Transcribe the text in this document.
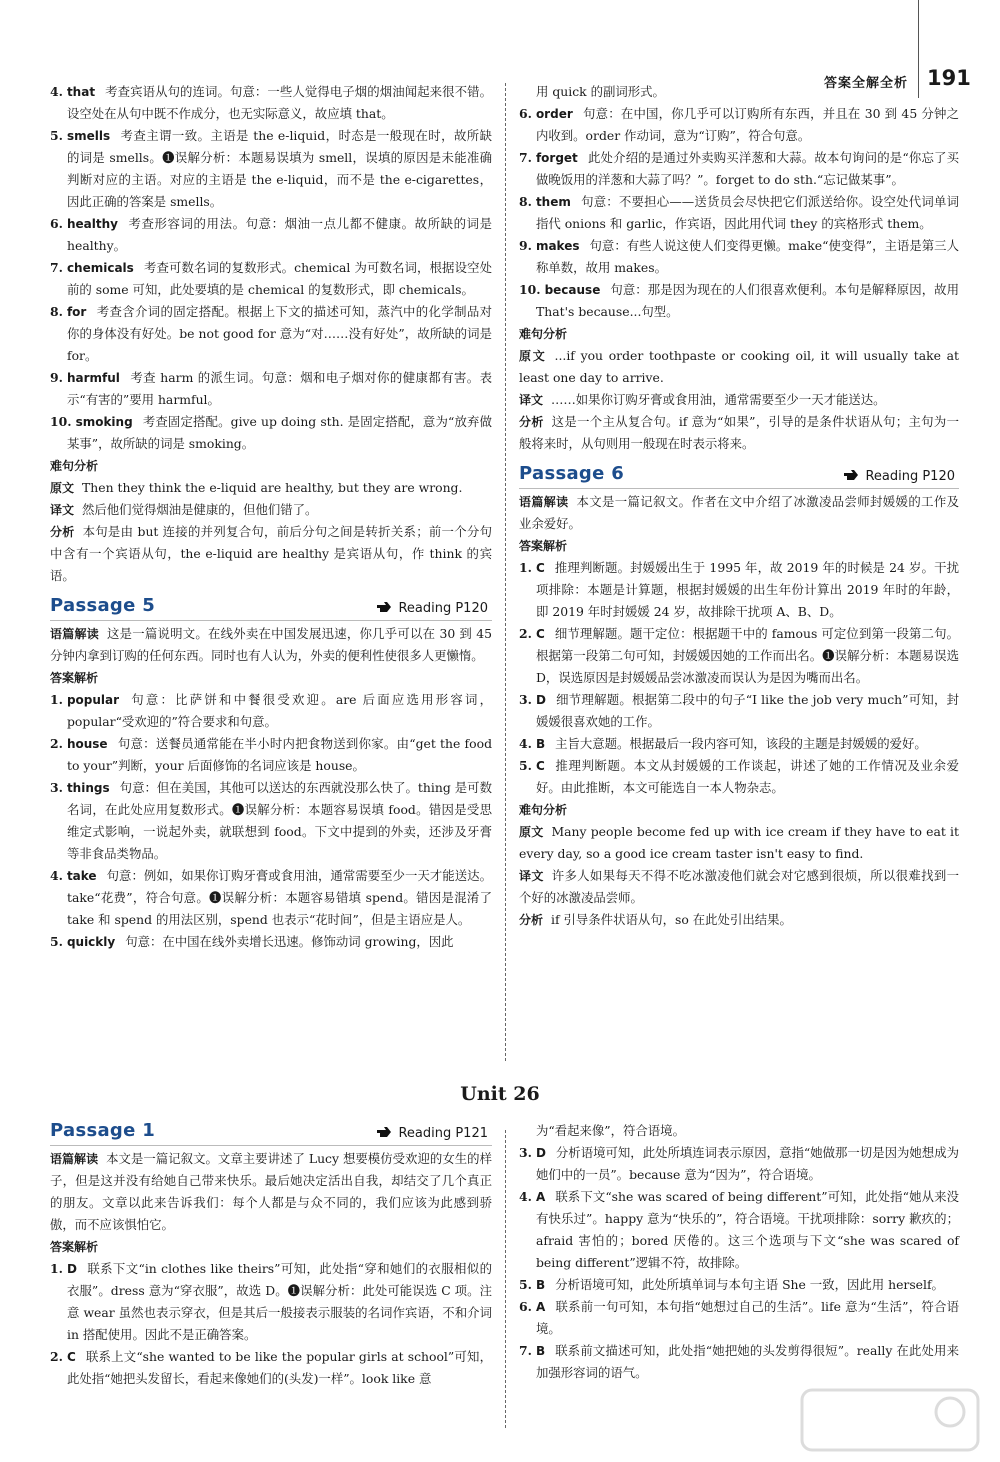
答案全解全析 191
4. that 考查宾语从句的连词。句意：一些人觉得电子烟的烟油闻起来很不错。设空处在从句中既不作成分，也无实际意义，故应填 that。
5. smells 考查主谓一致。主语是 the e-liquid，时态是一般现在时，故所缺的词是 smells。❶误解分析：本题易误填为 smell，误填的原因是未能准确判断对应的主语。对应的主语是 the e-liquid，而不是 the e-cigarettes，因此正确的答案是 smells。
6. healthy 考查形容词的用法。句意：烟油一点儿都不健康。故所缺的词是 healthy。
7. chemicals 考查可数名词的复数形式。chemical 为可数名词，根据设空处前的 some 可知，此处要填的是 chemical 的复数形式，即 chemicals。
8. for 考查含介词的固定搭配。根据上下文的描述可知，蒸汽中的化学制品对你的身体没有好处。be not good for 意为“对……没有好处”，故所缺的词是 for。
9. harmful 考查 harm 的派生词。句意：烟和电子烟对你的健康都有害。表示“有害的”要用 harmful。
10. smoking 考查固定搭配。give up doing sth. 是固定搭配，意为“放弃做某事”，故所缺的词是 smoking。
难句分析
原文 Then they think the e-liquid are healthy, but they are wrong.
译文 然后他们觉得烟油是健康的，但他们错了。
分析 本句是由 but 连接的并列复合句，前后分句之间是转折关系；前一个分句中含有一个宾语从句，the e-liquid are healthy 是宾语从句，作 think 的宾语。
Passage 5	Reading P120
语篇解读 这是一篇说明文。在线外卖在中国发展迅速，你几乎可以在 30 到 45 分钟内拿到订购的任何东西。同时也有人认为，外卖的便利性使很多人更懒惰。
答案解析
1. popular 句意：比萨饼和中餐很受欢迎。are 后面应选用形容词，popular“受欢迎的”符合要求和句意。
2. house 句意：送餐员通常能在半小时内把食物送到你家。由“get the food to your”判断，your 后面修饰的名词应该是 house。
3. things 句意：但在美国，其他可以送达的东西就没那么快了。thing 是可数名词，在此处应用复数形式。❶误解分析：本题容易误填 food。错因是受思维定式影响，一说起外卖，就联想到 food。下文中提到的外卖，还涉及牙膏等非食品类物品。
4. take 句意：例如，如果你订购牙膏或食用油，通常需要至少一天才能送达。take“花费”，符合句意。❶误解分析：本题容易错填 spend。错因是混淆了 take 和 spend 的用法区别，spend 也表示“花时间”，但是主语应是人。
5. quickly 句意：在中国在线外卖增长迅速。修饰动词 growing，因此
用 quick 的副词形式。
6. order 句意：在中国，你几乎可以订购所有东西，并且在 30 到 45 分钟之内收到。order 作动词，意为“订购”，符合句意。
7. forget 此处介绍的是通过外卖购买洋葱和大蒜。故本句询问的是“你忘了买做晚饭用的洋葱和大蒜了吗？”。forget to do sth.“忘记做某事”。
8. them 句意：不要担心——送货员会尽快把它们派送给你。设空处代词单词指代 onions 和 garlic，作宾语，因此用代词 they 的宾格形式 them。
9. makes 句意：有些人说这使人们变得更懒。make“使变得”，主语是第三人称单数，故用 makes。
10. because 句意：那是因为现在的人们很喜欢便利。本句是解释原因，故用 That's because...句型。
难句分析
原文 ...if you order toothpaste or cooking oil, it will usually take at least one day to arrive.
译文 ……如果你订购牙膏或食用油，通常需要至少一天才能送达。
分析 这是一个主从复合句。if 意为“如果”，引导的是条件状语从句；主句为一般将来时，从句则用一般现在时表示将来。
Passage 6	Reading P120
语篇解读 本文是一篇记叙文。作者在文中介绍了冰激凌品尝师封媛媛的工作及业余爱好。
答案解析
1. C 推理判断题。封媛媛出生于 1995 年，故 2019 年的时候是 24 岁。干扰项排除：本题是计算题，根据封媛媛的出生年份计算出 2019 年时的年龄，即 2019 年时封媛媛 24 岁，故排除干扰项 A、B、D。
2. C 细节理解题。题干定位：根据题干中的 famous 可定位到第一段第二句。根据第一段第二句可知，封媛媛因她的工作而出名。❶误解分析：本题易误选 D，误选原因是封媛媛品尝冰激凌而误认为是因为嘴而出名。
3. D 细节理解题。根据第二段中的句子“I like the job very much”可知，封媛媛很喜欢她的工作。
4. B 主旨大意题。根据最后一段内容可知，该段的主题是封媛媛的爱好。
5. C 推理判断题。本文从封媛媛的工作谈起，讲述了她的工作情况及业余爱好。由此推断，本文可能选自一本人物杂志。
难句分析
原文 Many people become fed up with ice cream if they have to eat it every day, so a good ice cream taster isn't easy to find.
译文 许多人如果每天不得不吃冰激凌他们就会对它感到很烦，所以很难找到一个好的冰激凌品尝师。
分析 if 引导条件状语从句，so 在此处引出结果。
Unit 26
Passage 1	Reading P121
语篇解读 本文是一篇记叙文。文章主要讲述了 Lucy 想要模仿受欢迎的女生的样子，但是这并没有给她自己带来快乐。最后她决定活出自我，却结交了几个真正的朋友。文章以此来告诉我们：每个人都是与众不同的，我们应该为此感到骄傲，而不应该惧怕它。
答案解析
1. D 联系下文“in clothes like theirs”可知，此处指“穿和她们的衣服相似的衣服”。dress 意为“穿衣服”，故选 D。❶误解分析：此处可能误选 C 项。注意 wear 虽然也表示穿衣，但是其后一般接表示服装的名词作宾语，不和介词 in 搭配使用。因此不是正确答案。
2. C 联系上文“she wanted to be like the popular girls at school”可知，此处指“她把头发留长，看起来像她们的(头发)一样”。look like 意
为“看起来像”，符合语境。
3. D 分析语境可知，此处所填连词表示原因，意指“她做那一切是因为她想成为她们中的一员”。because 意为“因为”，符合语境。
4. A 联系下文“she was scared of being different”可知，此处指“她从来没有快乐过”。happy 意为“快乐的”，符合语境。干扰项排除：sorry 歉疚的；afraid 害怕的；bored 厌倦的。这三个选项与下文“she was scared of being different”逻辑不符，故排除。
5. B 分析语境可知，此处所填单词与本句主语 She 一致，因此用 herself。
6. A 联系前一句可知，本句指“她想过自己的生活”。life 意为“生活”，符合语境。
7. B 联系前文描述可知，此处指“她把她的头发剪得很短”。really 在此处用来加强形容词的语气。
